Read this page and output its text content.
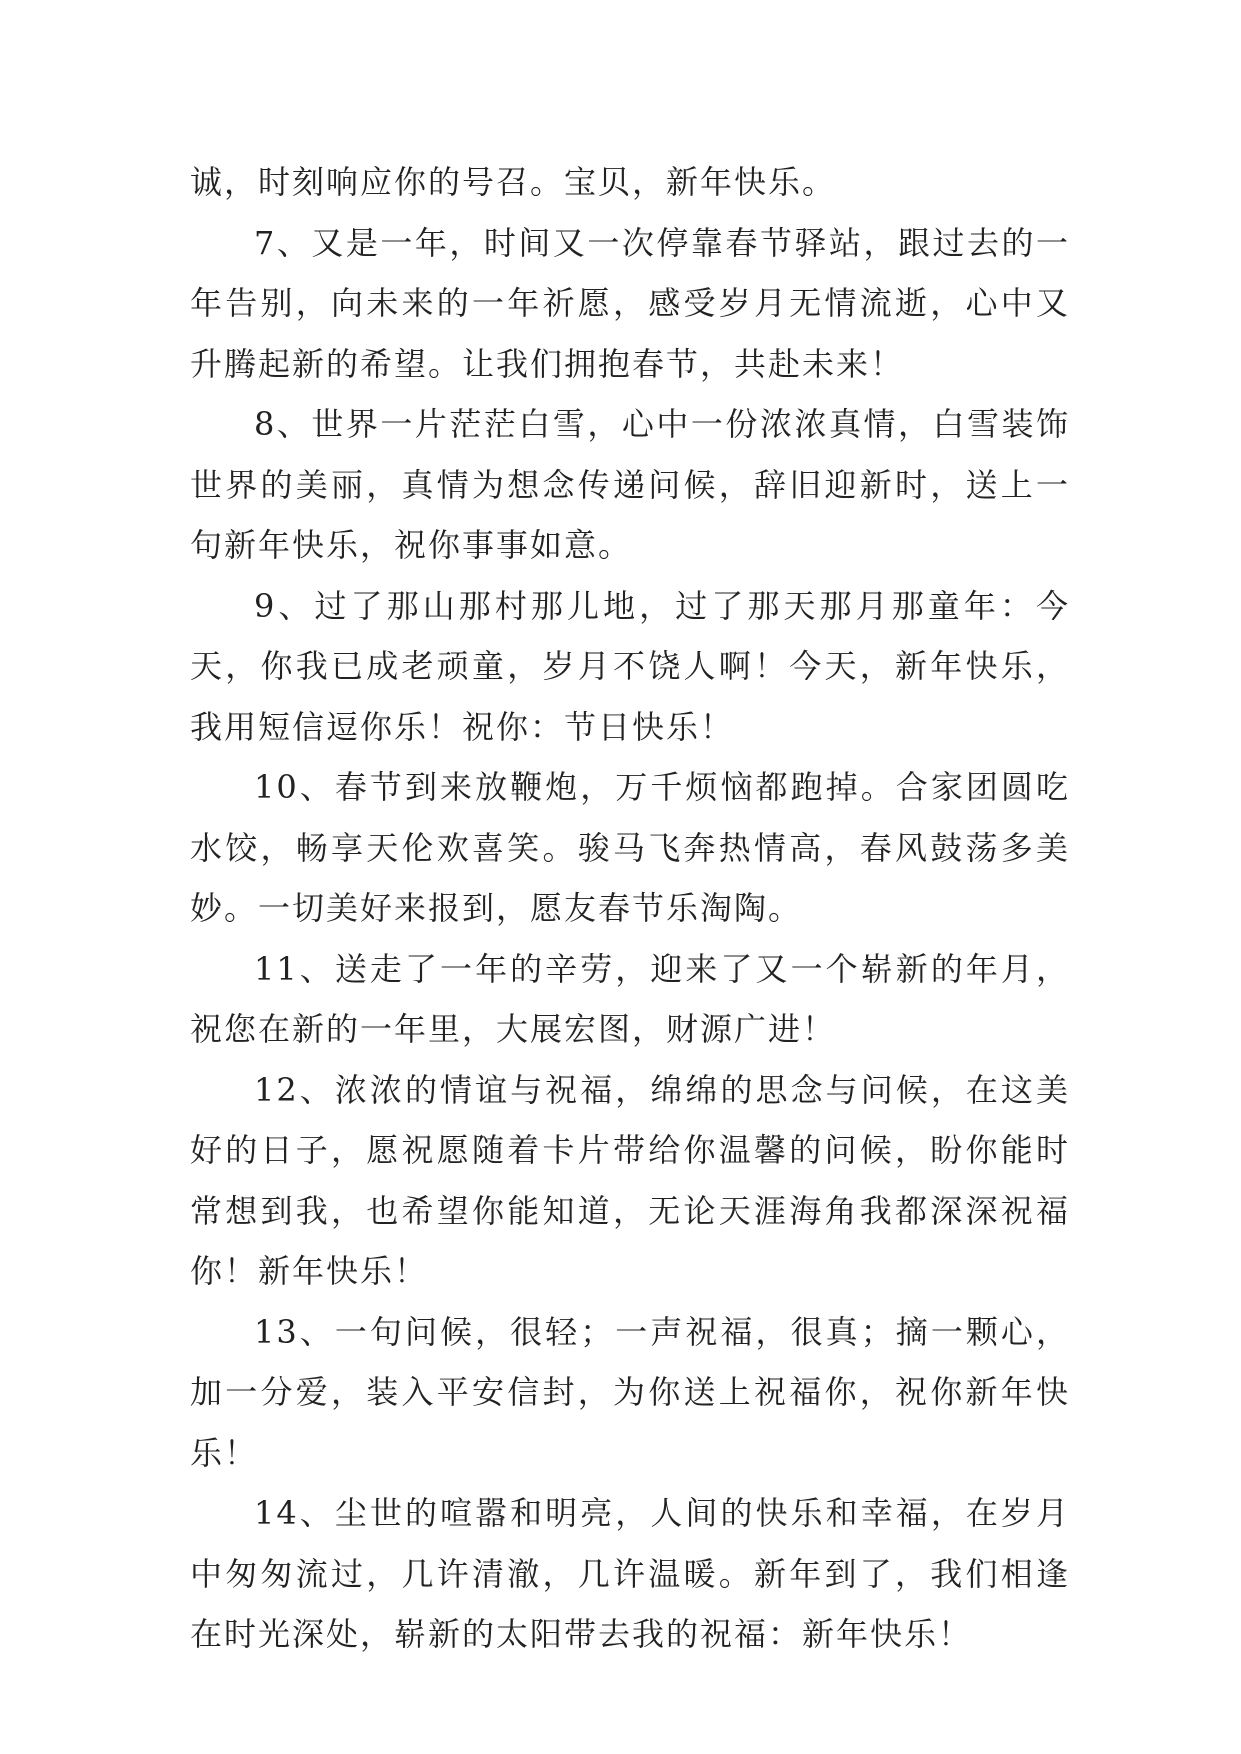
诚，时刻响应你的号召。宝贝，新年快乐。

7、又是一年，时间又一次停靠春节驿站，跟过去的一年告别，向未来的一年祈愿，感受岁月无情流逝，心中又升腾起新的希望。让我们拥抱春节，共赴未来！

8、世界一片茫茫白雪，心中一份浓浓真情，白雪装饰世界的美丽，真情为想念传递问候，辞旧迎新时，送上一句新年快乐，祝你事事如意。

9、过了那山那村那儿地，过了那天那月那童年：今天，你我已成老顽童，岁月不饶人啊！今天，新年快乐，我用短信逗你乐！祝你：节日快乐！

10、春节到来放鞭炮，万千烦恼都跑掉。合家团圆吃水饺，畅享天伦欢喜笑。骏马飞奔热情高，春风鼓荡多美妙。一切美好来报到，愿友春节乐淘陶。

11、送走了一年的辛劳，迎来了又一个崭新的年月，祝您在新的一年里，大展宏图，财源广进！

12、浓浓的情谊与祝福，绵绵的思念与问候，在这美好的日子，愿祝愿随着卡片带给你温馨的问候，盼你能时常想到我，也希望你能知道，无论天涯海角我都深深祝福你！新年快乐！

13、一句问候，很轻；一声祝福，很真；摘一颗心，加一分爱，装入平安信封，为你送上祝福你，祝你新年快乐！

14、尘世的喧嚣和明亮，人间的快乐和幸福，在岁月中匆匆流过，几许清澈，几许温暖。新年到了，我们相逢在时光深处，崭新的太阳带去我的祝福：新年快乐！
